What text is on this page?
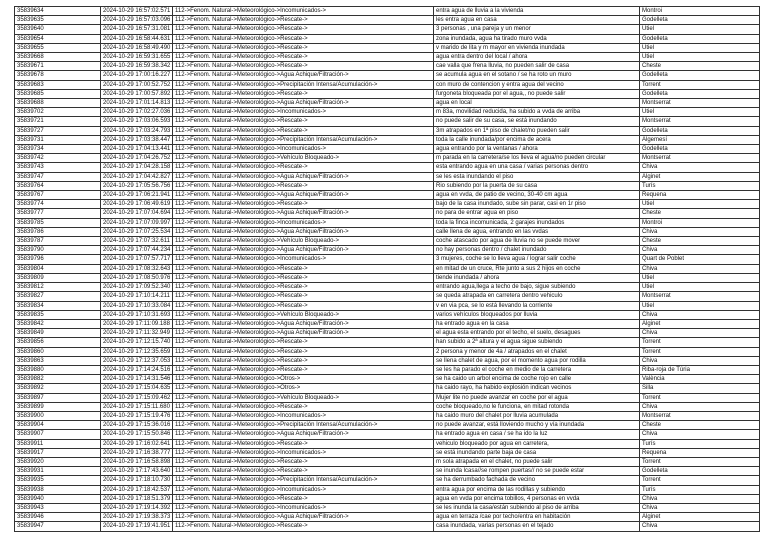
35839634	2024-10-29 16:57:02.571	112->Fenom. Natural->Meteorológico->Incomunicados->	entra agua de lluvia a la vivienda	Montroi
35839635	2024-10-29 16:57:03.096	112->Fenom. Natural->Meteorológico->Rescate->	les entra agua en casa	Godelleta
35839640	2024-10-29 16:57:31.081	112->Fenom. Natural->Meteorológico->Rescate->	3 personas , una pareja y un menor	Utiel
35839654	2024-10-29 16:58:44.631	112->Fenom. Natural->Meteorológico->Rescate->	zona inundada, agua ha tirado muro vvda	Godelleta
35839655	2024-10-29 16:58:49.490	112->Fenom. Natural->Meteorológico->Rescate->	v marido de lita y m mayor en vivienda inundada	Utiel
35839668	2024-10-29 16:59:31.655	112->Fenom. Natural->Meteorológico->Rescate->	agua entra dentro del local / ahora	Utiel
35839671	2024-10-29 16:59:38.342	112->Fenom. Natural->Meteorológico->Rescate->	cae valla que frena lluvia, no pueden salir de casa	Cheste
35839678	2024-10-29 17:00:16.227	112->Fenom. Natural->Meteorológico->Agua Achique/Filtración->	se acumula agua en el sotano / se ha roto un muro	Godelleta
35839683	2024-10-29 17:00:52.752	112->Fenom. Natural->Meteorológico->Precipitación Intensa/Acumulación->	con muro de contencion y entra agua del vecino	Torrent
35839685	2024-10-29 17:00:57.892	112->Fenom. Natural->Meteorológico->Rescate->	furgoneta bloqueada por el agua,, no puede salir	Godelleta
35839688	2024-10-29 17:01:14.813	112->Fenom. Natural->Meteorológico->Agua Achique/Filtración->	agua en local	Montserrat
35839702	2024-10-29 17:02:27.036	112->Fenom. Natural->Meteorológico->Incomunicados->	m 83a, movilidad reducida, ha subido a vvda de arriba	Utiel
35839721	2024-10-29 17:03:06.593	112->Fenom. Natural->Meteorológico->Rescate->	no puede salir de su casa, se está inundando	Montserrat
35839727	2024-10-29 17:03:24.793	112->Fenom. Natural->Meteorológico->Rescate->	3m atrapados en 1ª piso de chalet/no pueden salir	Godelleta
35839731	2024-10-29 17:03:38.447	112->Fenom. Natural->Meteorológico->Precipitación Intensa/Acumulación->	toda la calle inundada/por encima de acera	Algemesí
35839734	2024-10-29 17:04:13.441	112->Fenom. Natural->Meteorológico->Incomunicados->	agua entrando por la ventanas / ahora	Godelleta
35839742	2024-10-29 17:04:26.752	112->Fenom. Natural->Meteorológico->Vehículo Bloqueado->	m parada en la carretera/se los lleva el agua/no pueden circular	Montserrat
35839743	2024-10-29 17:04:28.158	112->Fenom. Natural->Meteorológico->Rescate->	esta entrando agua en una casa / varias personas dentro	Chiva
35839747	2024-10-29 17:04:42.827	112->Fenom. Natural->Meteorológico->Agua Achique/Filtración->	se les esta inundando el piso	Alginet
35839764	2024-10-29 17:05:56.756	112->Fenom. Natural->Meteorológico->Rescate->	Rio subiendo por la puerta de su casa	Turís
35839767	2024-10-29 17:06:21.941	112->Fenom. Natural->Meteorológico->Agua Achique/Filtración->	agua en vvda, de patio de vecino, 30-40 cm agua	Requena
35839774	2024-10-29 17:06:49.619	112->Fenom. Natural->Meteorológico->Rescate->	bajo de la casa inundado, sube sin parar, casi en 1r piso	Utiel
35839777	2024-10-29 17:07:04.694	112->Fenom. Natural->Meteorológico->Agua Achique/Filtración->	no para de entrar agua en piso	Cheste
35839785	2024-10-29 17:07:09.997	112->Fenom. Natural->Meteorológico->Incomunicados->	toda la finca incomunicada, 2 garajes inundados	Montroi
35839786	2024-10-29 17:07:25.534	112->Fenom. Natural->Meteorológico->Agua Achique/Filtración->	calle llena de agua, entrando en las vvdas	Chiva
35839787	2024-10-29 17:07:32.611	112->Fenom. Natural->Meteorológico->Vehículo Bloqueado->	coche atascado por agua de lluvia no se puede mover	Cheste
35839790	2024-10-29 17:07:44.234	112->Fenom. Natural->Meteorológico->Agua Achique/Filtración->	no hay personas dentro / chalet inundado	Chiva
35839796	2024-10-29 17:07:57.717	112->Fenom. Natural->Meteorológico->Incomunicados->	3 mujeres, coche se lo lleva agua / lograr salir coche	Quart de Poblet
35839804	2024-10-29 17:08:32.643	112->Fenom. Natural->Meteorológico->Rescate->	en mitad de un cruce, Rte junto a sus 2 hijos en coche	Chiva
35839809	2024-10-29 17:08:50.976	112->Fenom. Natural->Meteorológico->Rescate->	tiende inundada / ahora	Utiel
35839812	2024-10-29 17:09:52.340	112->Fenom. Natural->Meteorológico->Rescate->	entrando agua,llega a techo de bajo, sigue subiendo	Utiel
35839827	2024-10-29 17:10:14.211	112->Fenom. Natural->Meteorológico->Rescate->	se queda atrapada en carretera dentro vehiculo	Montserrat
35839834	2024-10-29 17:10:33.084	112->Fenom. Natural->Meteorológico->Rescate->	v en via pca, se lo está llevando la corriente	Utiel
35839835	2024-10-29 17:10:31.693	112->Fenom. Natural->Meteorológico->Vehículo Bloqueado->	varios vehículos bloqueados por lluvia	Chiva
35839842	2024-10-29 17:11:09.188	112->Fenom. Natural->Meteorológico->Agua Achique/Filtración->	ha entrado agua en la casa	Alginet
35839849	2024-10-29 17:11:32.949	112->Fenom. Natural->Meteorológico->Agua Achique/Filtración->	el agua esta entrando por el techo, el suelo, desagues	Chiva
35839856	2024-10-29 17:12:15.740	112->Fenom. Natural->Meteorológico->Rescate->	han subido a 2ª altura y el agua sigue subiendo	Torrent
35839860	2024-10-29 17:12:35.659	112->Fenom. Natural->Meteorológico->Rescate->	2 persona y menor de 4a / atrapados en el chalet	Torrent
35839863	2024-10-29 17:12:37.053	112->Fenom. Natural->Meteorológico->Rescate->	se llena chalet de agua, por el momento agua por rodilla	Chiva
35839880	2024-10-29 17:14:24.516	112->Fenom. Natural->Meteorológico->Rescate->	se les ha parado el coche en medio de la carretera	Riba-roja de Túria
35839882	2024-10-29 17:14:31.546	112->Fenom. Natural->Meteorológico->Otros->	se ha caido un arbol encima de coche rojo en calle	València
35839892	2024-10-29 17:15:04.635	112->Fenom. Natural->Meteorológico->Otros->	ha caido rayo, ha habido explosión indican vecinos	Silla
35839897	2024-10-29 17:15:09.462	112->Fenom. Natural->Meteorológico->Vehículo Bloqueado->	Mujer lite no puede avanzar en coche por el agua	Torrent
35839899	2024-10-29 17:15:11.680	112->Fenom. Natural->Meteorológico->Rescate->	coche bloqueado,no le funciona, en mitad rotonda	Chiva
35839900	2024-10-29 17:15:19.476	112->Fenom. Natural->Meteorológico->Incomunicados->	ha caido muro del chalet por lluvia acumulada	Montserrat
35839904	2024-10-29 17:15:36.016	112->Fenom. Natural->Meteorológico->Precipitación Intensa/Acumulación->	no puede avanzar, está lloviendo mucho y vía inundada	Cheste
35839907	2024-10-29 17:15:50.846	112->Fenom. Natural->Meteorológico->Agua Achique/Filtración->	ha entrado agua en casa / se ha ido la luz	Chiva
35839911	2024-10-29 17:16:02.641	112->Fenom. Natural->Meteorológico->Rescate->	vehiculo bloqueado por agua en carretera,	Turís
35839917	2024-10-29 17:16:38.777	112->Fenom. Natural->Meteorológico->Incomunicados->	se está inundando parte baja de casa	Requena
35839920	2024-10-29 17:16:58.898	112->Fenom. Natural->Meteorológico->Rescate->	m sola atrapada en el chalet, no puede salir	Torrent
35839931	2024-10-29 17:17:43.640	112->Fenom. Natural->Meteorológico->Rescate->	se inunda lcasa//se rompen puertas// no se puede estar	Godelleta
35839935	2024-10-29 17:18:10.730	112->Fenom. Natural->Meteorológico->Precipitación Intensa/Acumulación->	se ha derrumbado fachada de vecino	Torrent
35839938	2024-10-29 17:18:42.537	112->Fenom. Natural->Meteorológico->Incomunicados->	entra agua por encima de las rodillas y subiendo	Turís
35839940	2024-10-29 17:18:51.379	112->Fenom. Natural->Meteorológico->Rescate->	agua en vvda por encima tobillos, 4 personas en vvda	Chiva
35839943	2024-10-29 17:19:14.392	112->Fenom. Natural->Meteorológico->Incomunicados->	se les inunda la casa/están subiendo al piso de arriba	Chiva
35839946	2024-10-29 17:19:38.373	112->Fenom. Natural->Meteorológico->Agua Achique/Filtración->	agua en terraza /cae por techo/entra en habitación	Alginet
35839947	2024-10-29 17:19:41.951	112->Fenom. Natural->Meteorológico->Rescate->	casa inundada, varias personas en el tejado	Chiva
